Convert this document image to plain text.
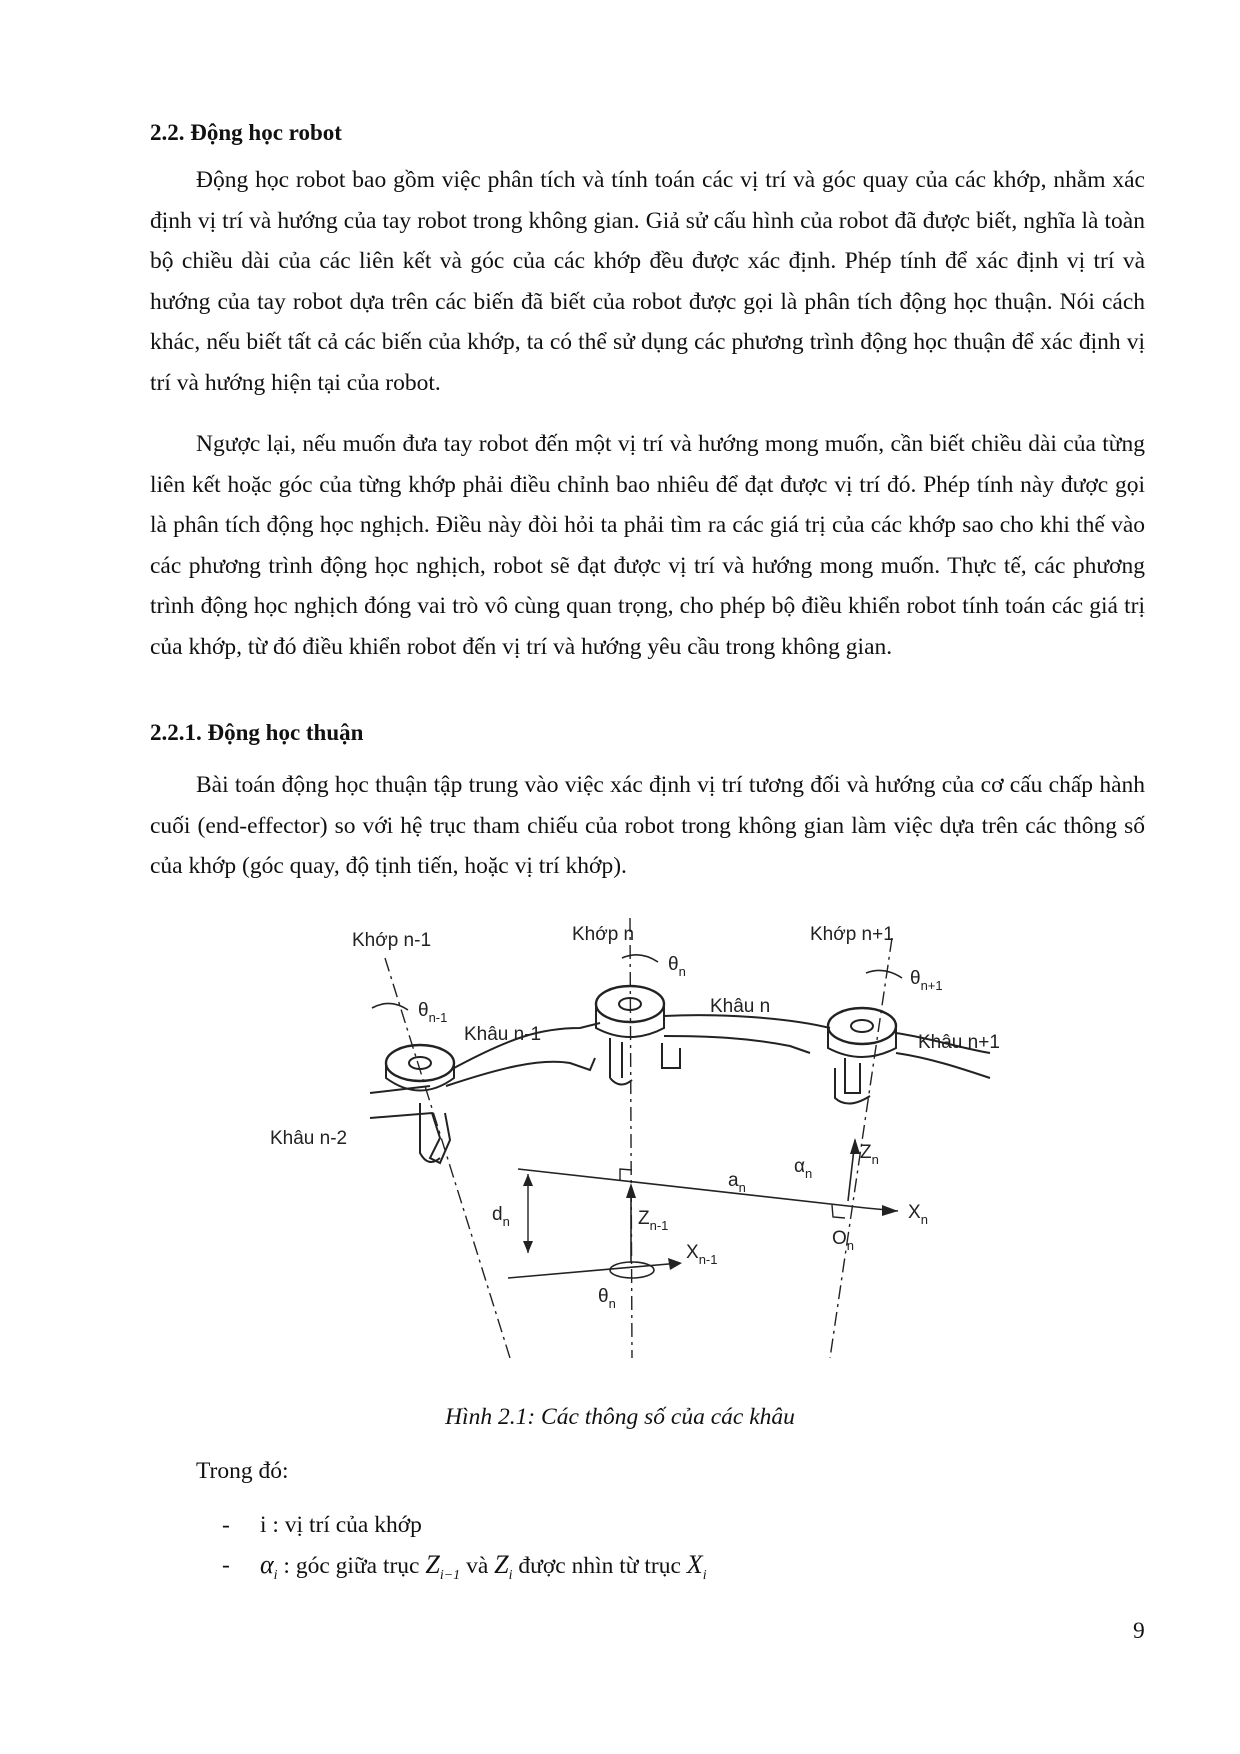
2.2. Động học robot

Động học robot bao gồm việc phân tích và tính toán các vị trí và góc quay của các khớp, nhằm xác định vị trí và hướng của tay robot trong không gian. Giả sử cấu hình của robot đã được biết, nghĩa là toàn bộ chiều dài của các liên kết và góc của các khớp đều được xác định. Phép tính để xác định vị trí và hướng của tay robot dựa trên các biến đã biết của robot được gọi là phân tích động học thuận. Nói cách khác, nếu biết tất cả các biến của khớp, ta có thể sử dụng các phương trình động học thuận để xác định vị trí và hướng hiện tại của robot.

Ngược lại, nếu muốn đưa tay robot đến một vị trí và hướng mong muốn, cần biết chiều dài của từng liên kết hoặc góc của từng khớp phải điều chỉnh bao nhiêu để đạt được vị trí đó. Phép tính này được gọi là phân tích động học nghịch. Điều này đòi hỏi ta phải tìm ra các giá trị của các khớp sao cho khi thế vào các phương trình động học nghịch, robot sẽ đạt được vị trí và hướng mong muốn. Thực tế, các phương trình động học nghịch đóng vai trò vô cùng quan trọng, cho phép bộ điều khiển robot tính toán các giá trị của khớp, từ đó điều khiển robot đến vị trí và hướng yêu cầu trong không gian.

2.2.1. Động học thuận

Bài toán động học thuận tập trung vào việc xác định vị trí tương đối và hướng của cơ cấu chấp hành cuối (end-effector) so với hệ trục tham chiếu của robot trong không gian làm việc dựa trên các thông số của khớp (góc quay, độ tịnh tiến, hoặc vị trí khớp).

Khớp n-1	Khớp n	Khớp n+1
$\theta_{n-1}$
$\theta_n$	$\theta_{n+1}$
Khâu n
Khâu n-1	Khâu n+1
Khâu n-2
$\alpha_n$
$Z_n$
$a_n$
$d_n$	$Z_{n-1}$
$X_n$
$X_{n-1}$
$O_n$
$\theta_n$
Hình 2.1: Các thông số của các khâu
Trong đó:
- i : vị trí của khớp
- $\alpha_i$ : góc giữa trục $Z_{i-1}$ và $Z_i$ được nhìn từ trục $X_i$
9
